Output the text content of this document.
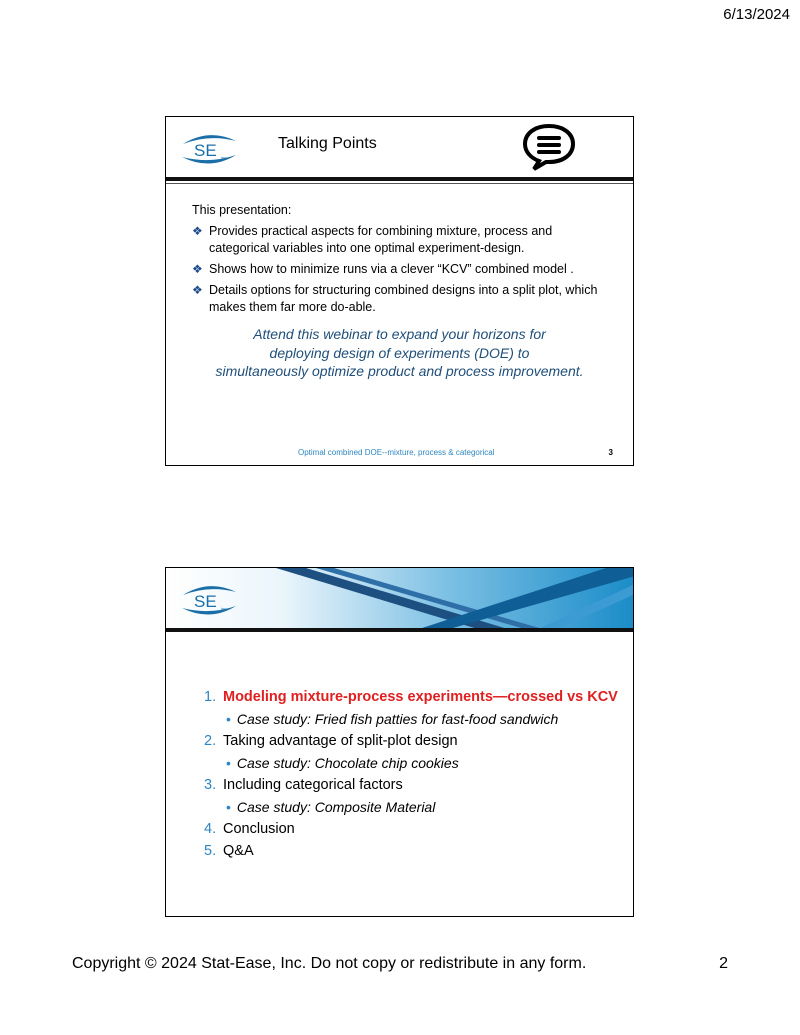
6/13/2024
SE inc
Talking Points
This presentation:
❖ Provides practical aspects for combining mixture, process and categorical variables into one optimal experiment-design.
❖ Shows how to minimize runs via a clever “KCV” combined model .
❖ Details options for structuring combined designs into a split plot, which makes them far more do-able.
Attend this webinar to expand your horizons for
deploying design of experiments (DOE) to
simultaneously optimize product and process improvement.
Optimal combined DOE--mixture, process & categorical	3
SE inc
1. Modeling mixture-process experiments—crossed vs KCV
• Case study: Fried fish patties for fast-food sandwich
2. Taking advantage of split-plot design
• Case study: Chocolate chip cookies
3. Including categorical factors
• Case study: Composite Material
4. Conclusion
5. Q&A
Copyright © 2024 Stat-Ease, Inc. Do not copy or redistribute in any form.	2
